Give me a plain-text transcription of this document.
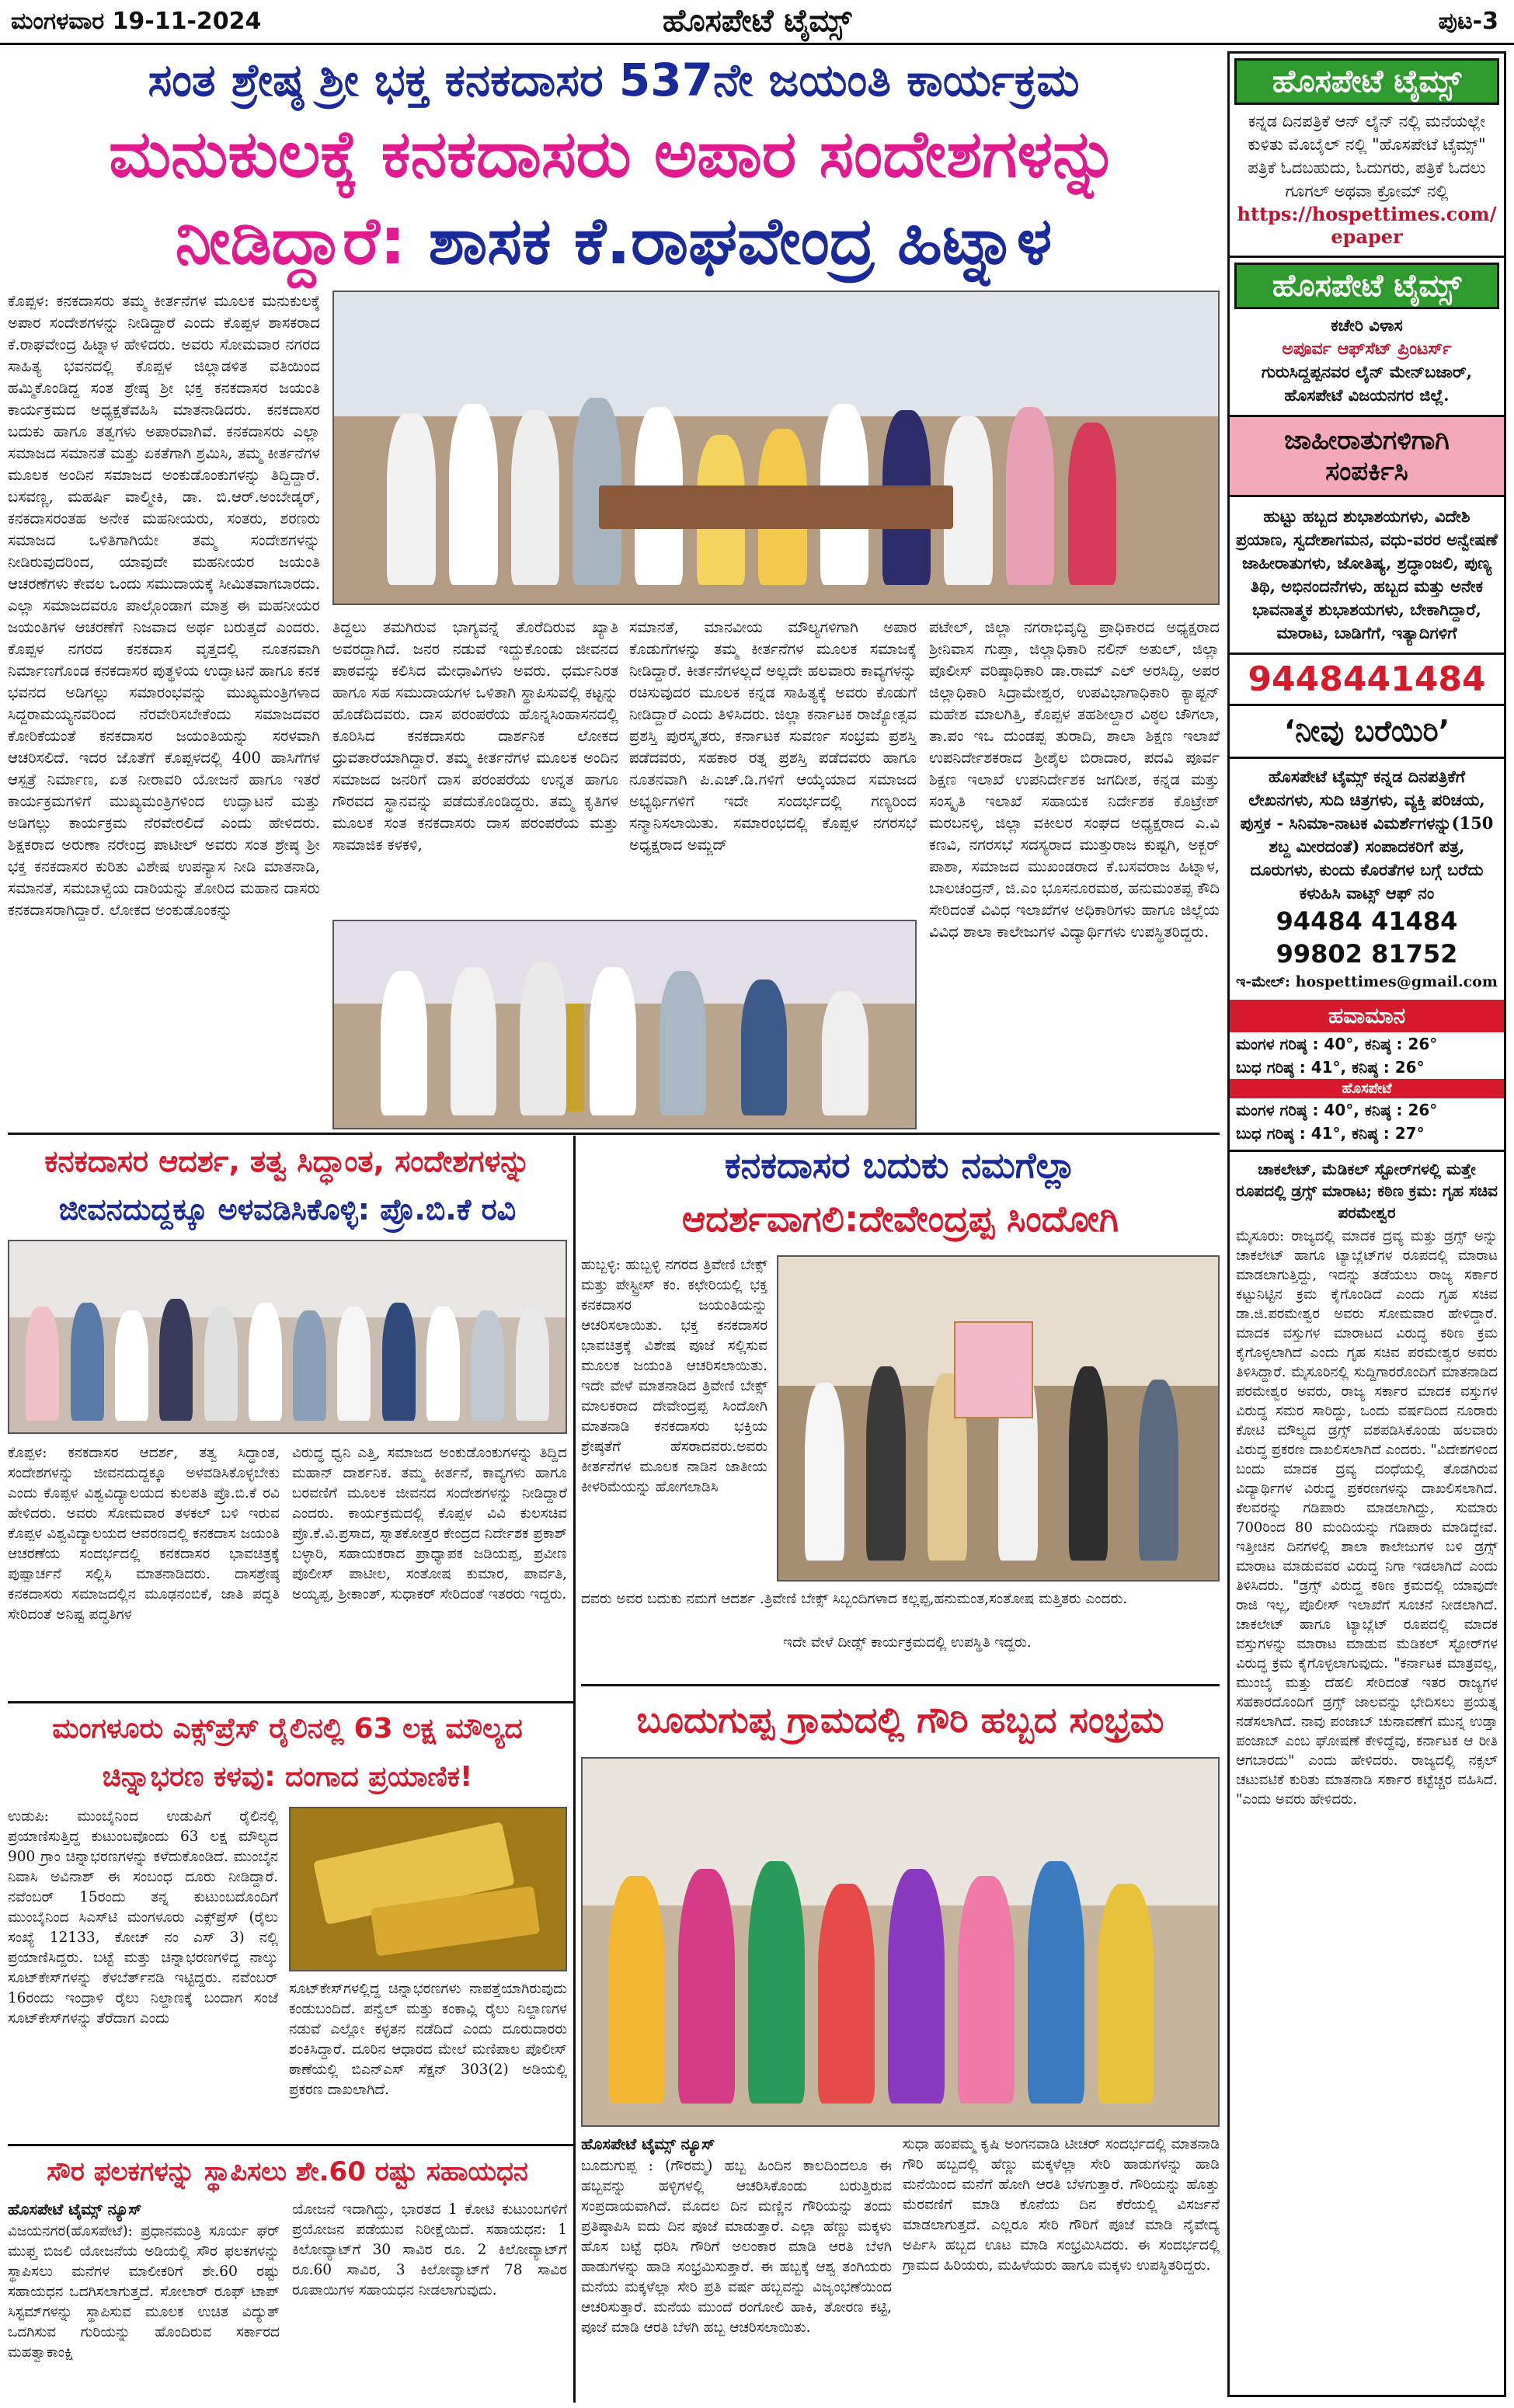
ಮಂಗಳವಾರ 19-11-2024	ಹೊಸಪೇಟೆ ಟೈಮ್ಸ್	ಪುಟ-3
ಸಂತ ಶ್ರೇಷ್ಠ ಶ್ರೀ ಭಕ್ತ ಕನಕದಾಸರ 537ನೇ ಜಯಂತಿ ಕಾರ್ಯಕ್ರಮ
ಮನುಕುಲಕ್ಕೆ ಕನಕದಾಸರು ಅಪಾರ ಸಂದೇಶಗಳನ್ನು
ನೀಡಿದ್ದಾರೆ: ಶಾಸಕ ಕೆ.ರಾಘವೇಂದ್ರ ಹಿಟ್ನಾಳ
ಕೊಪ್ಪಳ: ಕನಕದಾಸರು ತಮ್ಮ ಕೀರ್ತನೆಗಳ ಮೂಲಕ ಮನುಕುಲಕ್ಕೆ ಅಪಾರ ಸಂದೇಶಗಳನ್ನು ನೀಡಿದ್ದಾರೆ ಎಂದು ಕೊಪ್ಪಳ ಶಾಸಕರಾದ ಕೆ.ರಾಘವೇಂದ್ರ ಹಿಟ್ನಾಳ ಹೇಳಿದರು. ಅವರು ಸೋಮವಾರ ನಗರದ ಸಾಹಿತ್ಯ ಭವನದಲ್ಲಿ ಕೊಪ್ಪಳ ಜಿಲ್ಲಾಡಳಿತ ವತಿಯಿಂದ ಹಮ್ಮಿಕೊಂಡಿದ್ದ ಸಂತ ಶ್ರೇಷ್ಠ ಶ್ರೀ ಭಕ್ತ ಕನಕದಾಸರ ಜಯಂತಿ ಕಾರ್ಯಕ್ರಮದ ಅಧ್ಯಕ್ಷತೆವಹಿಸಿ ಮಾತನಾಡಿದರು. ಕನಕದಾಸರ ಬದುಕು ಹಾಗೂ ತತ್ವಗಳು ಅಪಾರವಾಗಿವೆ. ಕನಕದಾಸರು ಎಲ್ಲಾ ಸಮಾಜದ ಸಮಾನತೆ ಮತ್ತು ಏಕತೆಗಾಗಿ ಶ್ರಮಿಸಿ, ತಮ್ಮ ಕೀರ್ತನೆಗಳ ಮೂಲಕ ಅಂದಿನ ಸಮಾಜದ ಅಂಕುಡೊಂಕುಗಳನ್ನು ತಿದ್ದಿದ್ದಾರೆ. ಬಸವಣ್ಣ, ಮಹರ್ಷಿ ವಾಲ್ಮೀಕಿ, ಡಾ. ಬಿ.ಆರ್.ಅಂಬೇಡ್ಕರ್, ಕನಕದಾಸರಂತಹ ಅನೇಕ ಮಹನೀಯರು, ಸಂತರು, ಶರಣರು ಸಮಾಜದ ಒಳಿತಿಗಾಗಿಯೇ ತಮ್ಮ ಸಂದೇಶಗಳನ್ನು ನೀಡಿರುವುದರಿಂದ, ಯಾವುದೇ ಮಹನೀಯರ ಜಯಂತಿ ಆಚರಣೆಗಳು ಕೇವಲ ಒಂದು ಸಮುದಾಯಕ್ಕೆ ಸೀಮಿತವಾಗಬಾರದು. ಎಲ್ಲಾ ಸಮಾಜದವರೂ ಪಾಲ್ಗೊಂಡಾಗ ಮಾತ್ರ ಈ ಮಹನೀಯರ ಜಯಂತಿಗಳ ಆಚರಣೆಗೆ ನಿಜವಾದ ಅರ್ಥ ಬರುತ್ತದೆ ಎಂದರು. ಕೊಪ್ಪಳ ನಗರದ ಕನಕದಾಸ ವೃತ್ತದಲ್ಲಿ ನೂತನವಾಗಿ ನಿರ್ಮಾಣಗೊಂಡ ಕನಕದಾಸರ ಪುತ್ಥಳಿಯ ಉದ್ಘಾಟನೆ ಹಾಗೂ ಕನಕ ಭವನದ ಅಡಿಗಲ್ಲು ಸಮಾರಂಭವನ್ನು ಮುಖ್ಯಮಂತ್ರಿಗಳಾದ ಸಿದ್ದರಾಮಯ್ಯನವರಿಂದ ನೆರವೇರಿಸಬೇಕೆಂದು ಸಮಾಜದವರ ಕೋರಿಕೆಯಂತೆ ಕನಕದಾಸರ ಜಯಂತಿಯನ್ನು ಸರಳವಾಗಿ ಆಚರಿಸಲಿದೆ. ಇದರ ಜೊತೆಗೆ ಕೊಪ್ಪಳದಲ್ಲಿ 400 ಹಾಸಿಗೆಗಳ ಆಸ್ಪತ್ರೆ ನಿರ್ಮಾಣ, ಏತ ನೀರಾವರಿ ಯೋಜನೆ ಹಾಗೂ ಇತರೆ ಕಾರ್ಯಕ್ರಮಗಳಿಗೆ ಮುಖ್ಯಮಂತ್ರಿಗಳಿಂದ ಉದ್ಘಾಟನೆ ಮತ್ತು ಅಡಿಗಲ್ಲು ಕಾರ್ಯಕ್ರಮ ನೆರವೇರಲಿದೆ ಎಂದು ಹೇಳಿದರು. ಶಿಕ್ಷಕರಾದ ಅರುಣಾ ನರೇಂದ್ರ ಪಾಟೀಲ್ ಅವರು ಸಂತ ಶ್ರೇಷ್ಠ ಶ್ರೀ ಭಕ್ತ ಕನಕದಾಸರ ಕುರಿತು ವಿಶೇಷ ಉಪನ್ಯಾಸ ನೀಡಿ ಮಾತನಾಡಿ, ಸಮಾನತೆ, ಸಮಬಾಳ್ವೆಯ ದಾರಿಯನ್ನು ತೋರಿದ ಮಹಾನ ದಾಸರು ಕನಕದಾಸರಾಗಿದ್ದಾರೆ. ಲೋಕದ ಅಂಕುಡೊಂಕನ್ನು
ತಿದ್ದಲು ತಮಗಿರುವ ಭಾಗ್ಯವನ್ನೆ ತೊರೆದಿರುವ ಖ್ಯಾತಿ ಅವರದ್ದಾಗಿದೆ. ಜನರ ನಡುವೆ ಇದ್ದುಕೊಂಡು ಜೀವನದ ಪಾಠವನ್ನು ಕಲಿಸಿದ ಮೇಧಾವಿಗಳು ಅವರು. ಧರ್ಮನಿರತ ಹಾಗೂ ಸಹ ಸಮುದಾಯಗಳ ಒಳಿತಾಗಿ ಸ್ಥಾಪಿಸುವಲ್ಲಿ ಕಟ್ಟನ್ನು ಹೊಡೆದಿದವರು. ದಾಸ ಪರಂಪರೆಯ ಹೊನ್ನಸಿಂಹಾಸನದಲ್ಲಿ ಕೂರಿಸಿದ ಕನಕದಾಸರು ದಾರ್ಶನಿಕ ಲೋಕದ ಧ್ರುವತಾರೆಯಾಗಿದ್ದಾರೆ. ತಮ್ಮ ಕೀರ್ತನೆಗಳ ಮೂಲಕ ಅಂದಿನ ಸಮಾಜದ ಜನರಿಗೆ ದಾಸ ಪರಂಪರೆಯ ಉನ್ನತ ಹಾಗೂ ಗೌರವದ ಸ್ಥಾನವನ್ನು ಪಡೆದುಕೊಂಡಿದ್ದರು. ತಮ್ಮ ಕೃತಿಗಳ ಮೂಲಕ ಸಂತ ಕನಕದಾಸರು ದಾಸ ಪರಂಪರೆಯ ಮತ್ತು ಸಾಮಾಜಿಕ ಕಳಕಳಿ,
ಸಮಾನತೆ, ಮಾನವೀಯ ಮೌಲ್ಯಗಳಿಗಾಗಿ ಅಪಾರ ಕೊಡುಗೆಗಳನ್ನು ತಮ್ಮ ಕೀರ್ತನೆಗಳ ಮೂಲಕ ಸಮಾಜಕ್ಕೆ ನೀಡಿದ್ದಾರೆ. ಕೀರ್ತನೆಗಳಲ್ಲದೆ ಅಲ್ಲದೇ ಹಲವಾರು ಕಾವ್ಯಗಳನ್ನು ರಚಿಸುವುದರ ಮೂಲಕ ಕನ್ನಡ ಸಾಹಿತ್ಯಕ್ಕೆ ಅವರು ಕೊಡುಗೆ ನೀಡಿದ್ದಾರೆ ಎಂದು ತಿಳಿಸಿದರು. ಜಿಲ್ಲಾ ಕರ್ನಾಟಕ ರಾಜ್ಯೋತ್ಸವ ಪ್ರಶಸ್ತಿ ಪುರಸ್ಕೃತರು, ಕರ್ನಾಟಕ ಸುವರ್ಣ ಸಂಭ್ರಮ ಪ್ರಶಸ್ತಿ ಪಡೆದವರು, ಸಹಕಾರ ರತ್ನ ಪ್ರಶಸ್ತಿ ಪಡೆದವರು ಹಾಗೂ ನೂತನವಾಗಿ ಪಿ.ಎಚ್.ಡಿ.ಗಳಿಗೆ ಆಯ್ಕೆಯಾದ ಸಮಾಜದ ಅಭ್ಯರ್ಥಿಗಳಿಗೆ ಇದೇ ಸಂದರ್ಭದಲ್ಲಿ ಗಣ್ಯರಿಂದ ಸನ್ಮಾನಿಸಲಾಯಿತು. ಸಮಾರಂಭದಲ್ಲಿ ಕೊಪ್ಪಳ ನಗರಸಭೆ ಅಧ್ಯಕ್ಷರಾದ ಅಮ್ಜದ್
ಪಟೇಲ್, ಜಿಲ್ಲಾ ನಗರಾಭಿವೃದ್ಧಿ ಪ್ರಾಧಿಕಾರದ ಅಧ್ಯಕ್ಷರಾದ ಶ್ರೀನಿವಾಸ ಗುಪ್ತಾ, ಜಿಲ್ಲಾಧಿಕಾರಿ ನಲಿನ್ ಅತುಲ್, ಜಿಲ್ಲಾ ಪೊಲೀಸ್ ವರಿಷ್ಠಾಧಿಕಾರಿ ಡಾ.ರಾಮ್ ಎಲ್ ಅರಸಿದ್ದಿ, ಅಪರ ಜಿಲ್ಲಾಧಿಕಾರಿ ಸಿದ್ರಾಮೇಶ್ವರ, ಉಪವಿಭಾಗಾಧಿಕಾರಿ ಕ್ಯಾಪ್ಟನ್ ಮಹೇಶ ಮಾಲಗಿತ್ತಿ, ಕೊಪ್ಪಳ ತಹಶೀಲ್ದಾರ ವಿಠ್ಠಲ ಚೌಗಲಾ, ತಾ.ಪಂ ಇಒ ದುಂಡಪ್ಪ ತುರಾದಿ, ಶಾಲಾ ಶಿಕ್ಷಣ ಇಲಾಖೆ ಉಪನಿರ್ದೇಶಕರಾದ ಶ್ರೀಶೈಲ ಬಿರಾದಾರ, ಪದವಿ ಪೂರ್ವ ಶಿಕ್ಷಣ ಇಲಾಖೆ ಉಪನಿರ್ದೇಶಕ ಜಗದೀಶ, ಕನ್ನಡ ಮತ್ತು ಸಂಸ್ಕೃತಿ ಇಲಾಖೆ ಸಹಾಯಕ ನಿರ್ದೇಶಕ ಕೊಟ್ರೇಶ್ ಮರಬನಳ್ಳಿ, ಜಿಲ್ಲಾ ವಕೀಲರ ಸಂಘದ ಅಧ್ಯಕ್ಷರಾದ ಎ.ವಿ ಕಣವಿ, ನಗರಸಭೆ ಸದಸ್ಯರಾದ ಮುತ್ತುರಾಜ ಕುಷ್ಟಗಿ, ಅಕ್ಬರ್ ಪಾಶಾ, ಸಮಾಜದ ಮುಖಂಡರಾದ ಕೆ.ಬಸವರಾಜ ಹಿಟ್ನಾಳ, ಬಾಲಚಂದ್ರನ್, ಜಿ.ಎಂ ಭೂಸನೂರಮಠ, ಹನುಮಂತಪ್ಪ ಕೌದಿ ಸೇರಿದಂತೆ ವಿವಿಧ ಇಲಾಖೆಗಳ ಅಧಿಕಾರಿಗಳು ಹಾಗೂ ಜಿಲ್ಲೆಯ ವಿವಿಧ ಶಾಲಾ ಕಾಲೇಜುಗಳ ವಿದ್ಯಾರ್ಥಿಗಳು ಉಪಸ್ಥಿತರಿದ್ದರು.
ಕನಕದಾಸರ ಆದರ್ಶ, ತತ್ವ ಸಿದ್ಧಾಂತ, ಸಂದೇಶಗಳನ್ನು
ಜೀವನದುದ್ದಕ್ಕೂ ಅಳವಡಿಸಿಕೊಳ್ಳಿ: ಪ್ರೊ.ಬಿ.ಕೆ ರವಿ
ಕೊಪ್ಪಳ: ಕನಕದಾಸರ ಆದರ್ಶ, ತತ್ವ ಸಿದ್ಧಾಂತ, ಸಂದೇಶಗಳನ್ನು ಜೀವನದುದ್ದಕ್ಕೂ ಅಳವಡಿಸಿಕೊಳ್ಳಬೇಕು ಎಂದು ಕೊಪ್ಪಳ ವಿಶ್ವವಿದ್ಯಾಲಯದ ಕುಲಪತಿ ಪ್ರೊ.ಬಿ.ಕೆ ರವಿ ಹೇಳಿದರು. ಅವರು ಸೋಮವಾರ ತಳಕಲ್ ಬಳಿ ಇರುವ ಕೊಪ್ಪಳ ವಿಶ್ವವಿದ್ಯಾಲಯದ ಆವರಣದಲ್ಲಿ ಕನಕದಾಸ ಜಯಂತಿ ಆಚರಣೆಯ ಸಂದರ್ಭದಲ್ಲಿ ಕನಕದಾಸರ ಭಾವಚಿತ್ರಕ್ಕೆ ಪುಷ್ಪಾರ್ಚನೆ ಸಲ್ಲಿಸಿ ಮಾತನಾಡಿದರು. ದಾಸಶ್ರೇಷ್ಠ ಕನಕದಾಸರು ಸಮಾಜದಲ್ಲಿನ ಮೂಢನಂಬಿಕೆ, ಜಾತಿ ಪದ್ಧತಿ ಸೇರಿದಂತೆ ಅನಿಷ್ಟ ಪದ್ಧತಿಗಳ
ವಿರುದ್ಧ ಧ್ವನಿ ಎತ್ತಿ, ಸಮಾಜದ ಅಂಕುಡೊಂಕುಗಳನ್ನು ತಿದ್ದಿದ ಮಹಾನ್ ದಾರ್ಶನಿಕ. ತಮ್ಮ ಕೀರ್ತನೆ, ಕಾವ್ಯಗಳು ಹಾಗೂ ಬರವಣಿಗೆ ಮೂಲಕ ಜೀವನದ ಸಂದೇಶಗಳನ್ನು ನೀಡಿದ್ದಾರೆ ಎಂದರು. ಕಾರ್ಯಕ್ರಮದಲ್ಲಿ ಕೊಪ್ಪಳ ವಿವಿ ಕುಲಸಚಿವ ಪ್ರೊ.ಕೆ.ವಿ.ಪ್ರಸಾದ, ಸ್ನಾತಕೋತ್ತರ ಕೇಂದ್ರದ ನಿರ್ದೇಶಕ ಪ್ರಕಾಶ್ ಬಳ್ಳಾರಿ, ಸಹಾಯಕರಾದ ಪ್ರಾಧ್ಯಾಪಕ ಜಡಿಯಪ್ಪ, ಪ್ರವೀಣ ಪೊಲೀಸ್ ಪಾಟೀಲ, ಸಂತೋಷ ಕುಮಾರ, ಪಾರ್ವತಿ, ಅಯ್ಯಪ್ಪ, ಶ್ರೀಕಾಂತ್, ಸುಧಾಕರ್ ಸೇರಿದಂತೆ ಇತರರು ಇದ್ದರು.
ಕನಕದಾಸರ ಬದುಕು ನಮಗೆಲ್ಲಾ
ಆದರ್ಶವಾಗಲಿ:ದೇವೇಂದ್ರಪ್ಪ ಸಿಂದೋಗಿ
ಹುಬ್ಬಳ್ಳಿ: ಹುಬ್ಬಳ್ಳಿ ನಗರದ ತ್ರಿವೇಣಿ ಬೇಕ್ಸ್ ಮತ್ತು ಪೇಸ್ಟ್ರೀಸ್ ಕಂ. ಕಛೇರಿಯಲ್ಲಿ ಭಕ್ತ ಕನಕದಾಸರ ಜಯಂತಿಯನ್ನು ಆಚರಿಸಲಾಯಿತು. ಭಕ್ತ ಕನಕದಾಸರ ಭಾವಚಿತ್ರಕ್ಕೆ ವಿಶೇಷ ಪೂಜೆ ಸಲ್ಲಿಸುವ ಮೂಲಕ ಜಯಂತಿ ಆಚರಿಸಲಾಯಿತು. ಇದೇ ವೇಳೆ ಮಾತನಾಡಿದ ತ್ರಿವೇಣಿ ಬೇಕ್ಸ್ ಮಾಲಕರಾದ ದೇವೇಂದ್ರಪ್ಪ ಸಿಂದೋಗಿ ಮಾತನಾಡಿ ಕನಕದಾಸರು ಭಕ್ತಿಯ ಶ್ರೇಷ್ಠತೆಗೆ ಹೆಸರಾದವರು.ಅವರು ಕೀರ್ತನೆಗಳ ಮೂಲಕ ನಾಡಿನ ಜಾತೀಯ ಕೀಳರಿಮೆಯನ್ನು ಹೋಗಲಾಡಿಸಿ
ದವರು ಅವರ ಬದುಕು ನಮಗೆ ಆದರ್ಶ .ತ್ರಿವೇಣಿ ಬೇಕ್ಸ್ ಸಿಬ್ಬಂದಿಗಳಾದ ಕಲ್ಲಪ್ಪ,ಹನುಮಂತ,ಸಂತೋಷ ಮತ್ತಿತರು ಎಂದರು.
ಇದೇ ವೇಳೆ ದೀಡ್ಸ್ ಕಾರ್ಯಕ್ರಮದಲ್ಲಿ ಉಪಸ್ಥಿತಿ ಇದ್ದರು.
ಮಂಗಳೂರು ಎಕ್ಸ್‌ಪ್ರೆಸ್ ರೈಲಿನಲ್ಲಿ 63 ಲಕ್ಷ ಮೌಲ್ಯದ
ಚಿನ್ನಾಭರಣ ಕಳವು: ದಂಗಾದ ಪ್ರಯಾಣಿಕ!
ಉಡುಪಿ: ಮುಂಬೈನಿಂದ ಉಡುಪಿಗೆ ರೈಲಿನಲ್ಲಿ ಪ್ರಯಾಣಿಸುತ್ತಿದ್ದ ಕುಟುಂಬವೊಂದು 63 ಲಕ್ಷ ಮೌಲ್ಯದ 900 ಗ್ರಾಂ ಚಿನ್ನಾಭರಣಗಳನ್ನು ಕಳೆದುಕೊಂಡಿದೆ. ಮುಂಬೈನ ನಿವಾಸಿ ಅವಿನಾಶ್ ಈ ಸಂಬಂಧ ದೂರು ನೀಡಿದ್ದಾರೆ. ನವೆಂಬರ್ 15ರಂದು ತನ್ನ ಕುಟುಂಬದೊಂದಿಗೆ ಮುಂಬೈನಿಂದ ಸಿಎಸ್‌ಟಿ ಮಂಗಳೂರು ಎಕ್ಸ್‌ಪ್ರೆಸ್ (ರೈಲು ಸಂಖ್ಯೆ 12133, ಕೋಚ್ ನಂ ಎಸ್ 3) ನಲ್ಲಿ ಪ್ರಯಾಣಿಸಿದ್ದರು. ಬಟ್ಟೆ ಮತ್ತು ಚಿನ್ನಾಭರಣಗಳಿದ್ದ ನಾಲ್ಕು ಸೂಟ್‌ಕೇಸ್‌ಗಳನ್ನು ಕೆಳಬೆರ್ತ್‌ನಡಿ ಇಟ್ಟಿದ್ದರು. ನವೆಂಬರ್ 16ರಂದು ಇಂದ್ರಾಳಿ ರೈಲು ನಿಲ್ದಾಣಕ್ಕೆ ಬಂದಾಗ ಸಂಜೆ ಸೂಟ್‌ಕೇಸ್‌ಗಳನ್ನು ತೆರೆದಾಗ ಎಂದು
ಸೂಟ್‌ಕೇಸ್‌ಗಳಲ್ಲಿದ್ದ ಚಿನ್ನಾಭರಣಗಳು ನಾಪತ್ತೆಯಾಗಿರುವುದು ಕಂಡುಬಂದಿದೆ. ಪನ್ವೆಲ್ ಮತ್ತು ಕಂಕಾವ್ಲಿ ರೈಲು ನಿಲ್ದಾಣಗಳ ನಡುವೆ ಎಲ್ಲೋ ಕಳ್ಳತನ ನಡೆದಿದೆ ಎಂದು ದೂರುದಾರರು ಶಂಕಿಸಿದ್ದಾರೆ. ದೂರಿನ ಆಧಾರದ ಮೇಲೆ ಮಣಿಪಾಲ ಪೊಲೀಸ್ ಠಾಣೆಯಲ್ಲಿ ಬಿಎನ್‌ಎಸ್ ಸೆಕ್ಷನ್ 303(2) ಅಡಿಯಲ್ಲಿ ಪ್ರಕರಣ ದಾಖಲಾಗಿದೆ.
ಸೌರ ಫಲಕಗಳನ್ನು ಸ್ಥಾಪಿಸಲು ಶೇ.60 ರಷ್ಟು ಸಹಾಯಧನ
ಹೊಸಪೇಟೆ ಟೈಮ್ಸ್ ನ್ಯೂಸ್
ವಿಜಯನಗರ(ಹೊಸಪೇಟೆ): ಪ್ರಧಾನಮಂತ್ರಿ ಸೂರ್ಯ ಘರ್ ಮುಫ್ತ ಬಿಜಲಿ ಯೋಜನೆಯ ಅಡಿಯಲ್ಲಿ ಸೌರ ಫಲಕಗಳನ್ನು ಸ್ಥಾಪಿಸಲು ಮನೆಗಳ ಮಾಲೀಕರಿಗೆ ಶೇ.60 ರಷ್ಟು ಸಹಾಯಧನ ಒದಗಿಸಲಾಗುತ್ತದೆ. ಸೋಲಾರ್ ರೂಫ್ ಟಾಪ್ ಸಿಸ್ಟಮ್‌ಗಳನ್ನು ಸ್ಥಾಪಿಸುವ ಮೂಲಕ ಉಚಿತ ವಿದ್ಯುತ್ ಒದಗಿಸುವ ಗುರಿಯನ್ನು ಹೊಂದಿರುವ ಸರ್ಕಾರದ ಮಹತ್ವಾಕಾಂಕ್ಷಿ
ಯೋಜನೆ ಇದಾಗಿದ್ದು, ಭಾರತದ 1 ಕೋಟಿ ಕುಟುಂಬಗಳಿಗೆ ಪ್ರಯೋಜನ ಪಡೆಯುವ ನಿರೀಕ್ಷೆಯಿದೆ. ಸಹಾಯಧನ: 1 ಕಿಲೋವ್ಯಾಟ್‌ಗೆ 30 ಸಾವಿರ ರೂ. 2 ಕಿಲೋವ್ಯಾಟ್‌ಗೆ ರೂ.60 ಸಾವಿರ, 3 ಕಿಲೋವ್ಯಾಟ್‌ಗೆ 78 ಸಾವಿರ ರೂಪಾಯಿಗಳ ಸಹಾಯಧನ ನೀಡಲಾಗುವುದು.
ಬೂದುಗುಪ್ಪ ಗ್ರಾಮದಲ್ಲಿ ಗೌರಿ ಹಬ್ಬದ ಸಂಭ್ರಮ
ಹೊಸಪೇಟೆ ಟೈಮ್ಸ್ ನ್ಯೂಸ್
ಬೂದುಗುಪ್ಪ : (ಗೌರಮ್ಮ) ಹಬ್ಬ ಹಿಂದಿನ ಕಾಲದಿಂದಲೂ ಈ ಹಬ್ಬವನ್ನು ಹಳ್ಳಿಗಳಲ್ಲಿ ಆಚರಿಸಿಕೊಂಡು ಬರುತ್ತಿರುವ ಸಂಪ್ರದಾಯವಾಗಿದೆ. ಮೊದಲ ದಿನ ಮಣ್ಣಿನ ಗೌರಿಯನ್ನು ತಂದು ಪ್ರತಿಷ್ಠಾಪಿಸಿ ಐದು ದಿನ ಪೂಜೆ ಮಾಡುತ್ತಾರೆ. ಎಲ್ಲಾ ಹೆಣ್ಣು ಮಕ್ಕಳು ಹೊಸ ಬಟ್ಟೆ ಧರಿಸಿ ಗೌರಿಗೆ ಅಲಂಕಾರ ಮಾಡಿ ಆರತಿ ಬೆಳಗಿ ಹಾಡುಗಳನ್ನು ಹಾಡಿ ಸಂಭ್ರಮಿಸುತ್ತಾರೆ. ಈ ಹಬ್ಬಕ್ಕೆ ಆಶ್ವ ತಂಗಿಯರು ಮನೆಯ ಮಕ್ಕಳೆಲ್ಲಾ ಸೇರಿ ಪ್ರತಿ ವರ್ಷ ಹಬ್ಬವನ್ನು ವಿಜೃಂಭಣೆಯಿಂದ ಆಚರಿಸುತ್ತಾರೆ. ಮನೆಯ ಮುಂದೆ ರಂಗೋಲಿ ಹಾಕಿ, ತೋರಣ ಕಟ್ಟಿ, ಪೂಜೆ ಮಾಡಿ ಆರತಿ ಬೆಳಗಿ ಹಬ್ಬ ಆಚರಿಸಲಾಯಿತು.
ಸುಧಾ ಹಂಪಮ್ಮ ಕೃಷಿ ಅಂಗನವಾಡಿ ಟೀಚರ್ ಸಂದರ್ಭದಲ್ಲಿ ಮಾತನಾಡಿ ಗೌರಿ ಹಬ್ಬದಲ್ಲಿ ಹೆಣ್ಣು ಮಕ್ಕಳೆಲ್ಲಾ ಸೇರಿ ಹಾಡುಗಳನ್ನು ಹಾಡಿ ಮನೆಯಿಂದ ಮನೆಗೆ ಹೋಗಿ ಆರತಿ ಬೆಳಗುತ್ತಾರೆ. ಗೌರಿಯನ್ನು ಹೊತ್ತು ಮೆರವಣಿಗೆ ಮಾಡಿ ಕೊನೆಯ ದಿನ ಕೆರೆಯಲ್ಲಿ ವಿಸರ್ಜನೆ ಮಾಡಲಾಗುತ್ತದೆ. ಎಲ್ಲರೂ ಸೇರಿ ಗೌರಿಗೆ ಪೂಜೆ ಮಾಡಿ ನೈವೇದ್ಯ ಅರ್ಪಿಸಿ ಹಬ್ಬದ ಊಟ ಮಾಡಿ ಸಂಭ್ರಮಿಸಿದರು. ಈ ಸಂದರ್ಭದಲ್ಲಿ ಗ್ರಾಮದ ಹಿರಿಯರು, ಮಹಿಳೆಯರು ಹಾಗೂ ಮಕ್ಕಳು ಉಪಸ್ಥಿತರಿದ್ದರು.
ಹೊಸಪೇಟೆ ಟೈಮ್ಸ್
ಕನ್ನಡ ದಿನಪತ್ರಿಕೆ ಆನ್ ಲೈನ್ ನಲ್ಲಿ ಮನೆಯಲ್ಲೇ ಕುಳಿತು ಮೊಬೈಲ್ ನಲ್ಲಿ "ಹೊಸಪೇಟೆ ಟೈಮ್ಸ್" ಪತ್ರಿಕೆ ಓದಬಹುದು, ಓದುಗರು, ಪತ್ರಿಕೆ ಓದಲು ಗೂಗಲ್ ಅಥವಾ ಕ್ರೋಮ್ ನಲ್ಲಿ
https://hospettimes.com/
epaper
ಹೊಸಪೇಟೆ ಟೈಮ್ಸ್
ಕಚೇರಿ ವಿಳಾಸ
ಅಪೂರ್ವ ಆಫ್‌ಸೆಟ್ ಪ್ರಿಂಟರ್ಸ್
ಗುರುಸಿದ್ದಪ್ಪನವರ ಲೈನ್ ಮೇನ್‌ಬಜಾರ್, ಹೊಸಪೇಟೆ ವಿಜಯನಗರ ಜಿಲ್ಲೆ.
ಜಾಹೀರಾತುಗಳಿಗಾಗಿ
ಸಂಪರ್ಕಿಸಿ
ಹುಟ್ಟು ಹಬ್ಬದ ಶುಭಾಶಯಗಳು, ವಿದೇಶಿ ಪ್ರಯಾಣ, ಸ್ವದೇಶಾಗಮನ, ವಧು-ವರರ ಅನ್ವೇಷಣೆ ಜಾಹೀರಾತುಗಳು, ಜೋತಿಷ್ಯ, ಶ್ರದ್ಧಾಂಜಲಿ, ಪುಣ್ಯ ತಿಥಿ, ಅಭಿನಂದನೆಗಳು, ಹಬ್ಬದ ಮತ್ತು ಅನೇಕ ಭಾವನಾತ್ಮಕ ಶುಭಾಶಯಗಳು, ಬೇಕಾಗಿದ್ದಾರೆ, ಮಾರಾಟ, ಬಾಡಿಗೆಗೆ, ಇತ್ಯಾದಿಗಳಿಗೆ
9448441484
‘ನೀವು ಬರೆಯಿರಿ’
ಹೊಸಪೇಟೆ ಟೈಮ್ಸ್ ಕನ್ನಡ ದಿನಪತ್ರಿಕೆಗೆ ಲೇಖನಗಳು, ಸುದಿ ಚಿತ್ರಗಳು, ವ್ಯಕ್ತಿ ಪರಿಚಯ, ಪುಸ್ತಕ - ಸಿನಿಮಾ-ನಾಟಕ ವಿಮರ್ಶೆಗಳನ್ನು(150 ಶಬ್ದ ಮೀರದಂತೆ) ಸಂಪಾದಕರಿಗೆ ಪತ್ರ, ದೂರುಗಳು, ಕುಂದು ಕೊರತೆಗಳ ಬಗ್ಗೆ ಬರೆದು ಕಳುಹಿಸಿ ವಾಟ್ಸ್ ಆಫ್ ನಂ
94484 41484
99802 81752
ಇ-ಮೇಲ್: hospettimes@gmail.com
ಹವಾಮಾನ
ಮಂಗಳ ಗರಿಷ್ಠ : 40°, ಕನಿಷ್ಠ : 26°
ಬುಧ ಗರಿಷ್ಠ : 41°, ಕನಿಷ್ಠ : 26°
ಹೊಸಪೇಟೆ
ಮಂಗಳ ಗರಿಷ್ಠ : 40°, ಕನಿಷ್ಠ : 26°
ಬುಧ ಗರಿಷ್ಠ : 41°, ಕನಿಷ್ಠ : 27°
ಚಾಕಲೇಟ್, ಮೆಡಿಕಲ್ ಸ್ಟೋರ್‌ಗಳಲ್ಲಿ ಮತ್ತೇ ರೂಪದಲ್ಲಿ ಡ್ರಗ್ಸ್ ಮಾರಾಟ; ಕಠಿಣ ಕ್ರಮ: ಗೃಹ ಸಚಿವ ಪರಮೇಶ್ವರ
ಮೈಸೂರು: ರಾಜ್ಯದಲ್ಲಿ ಮಾದಕ ದ್ರವ್ಯ ಮತ್ತು ಡ್ರಗ್ಸ್ ಅನ್ನು ಚಾಕಲೇಟ್ ಹಾಗೂ ಟ್ಯಾಬ್ಲೆಟ್‌ಗಳ ರೂಪದಲ್ಲಿ ಮಾರಾಟ ಮಾಡಲಾಗುತ್ತಿದ್ದು, ಇದನ್ನು ತಡೆಯಲು ರಾಜ್ಯ ಸರ್ಕಾರ ಕಟ್ಟುನಿಟ್ಟಿನ ಕ್ರಮ ಕೈಗೊಂಡಿದೆ ಎಂದು ಗೃಹ ಸಚಿವ ಡಾ.ಜಿ.ಪರಮೇಶ್ವರ ಅವರು ಸೋಮವಾರ ಹೇಳಿದ್ದಾರೆ. ಮಾದಕ ವಸ್ತುಗಳ ಮಾರಾಟದ ವಿರುದ್ಧ ಕಠಿಣ ಕ್ರಮ ಕೈಗೊಳ್ಳಲಾಗಿದೆ ಎಂದು ಗೃಹ ಸಚಿವ ಪರಮೇಶ್ವರ ಅವರು ತಿಳಿಸಿದ್ದಾರೆ. ಮೈಸೂರಿನಲ್ಲಿ ಸುದ್ದಿಗಾರರೊಂದಿಗೆ ಮಾತನಾಡಿದ ಪರಮೇಶ್ವರ ಅವರು, ರಾಜ್ಯ ಸರ್ಕಾರ ಮಾದಕ ವಸ್ತುಗಳ ವಿರುದ್ಧ ಸಮರ ಸಾರಿದ್ದು, ಒಂದು ವರ್ಷದಿಂದ ನೂರಾರು ಕೋಟಿ ಮೌಲ್ಯದ ಡ್ರಗ್ಸ್ ವಶಪಡಿಸಿಕೊಂಡು ಹಲವಾರು ವಿರುದ್ಧ ಪ್ರಕರಣ ದಾಖಲಿಸಲಾಗಿದೆ ಎಂದರು. "ವಿದೇಶಗಳಿಂದ ಬಂದು ಮಾದಕ ದ್ರವ್ಯ ದಂಧೆಯಲ್ಲಿ ತೊಡಗಿರುವ ವಿದ್ಯಾರ್ಥಿಗಳ ವಿರುದ್ಧ ಪ್ರಕರಣಗಳನ್ನು ದಾಖಲಿಸಲಾಗಿದೆ. ಕೆಲವರನ್ನು ಗಡಿಪಾರು ಮಾಡಲಾಗಿದ್ದು, ಸುಮಾರು 700ರಿಂದ 80 ಮಂದಿಯನ್ನು ಗಡಿಪಾರು ಮಾಡಿದ್ದೇವೆ. ಇತ್ತೀಚಿನ ದಿನಗಳಲ್ಲಿ ಶಾಲಾ ಕಾಲೇಜುಗಳ ಬಳಿ ಡ್ರಗ್ಸ್ ಮಾರಾಟ ಮಾಡುವವರ ವಿರುದ್ಧ ನಿಗಾ ಇಡಲಾಗಿದೆ ಎಂದು ತಿಳಿಸಿದರು. "ಡ್ರಗ್ಸ್ ವಿರುದ್ಧ ಕಠಿಣ ಕ್ರಮದಲ್ಲಿ ಯಾವುದೇ ರಾಜಿ ಇಲ್ಲ, ಪೊಲೀಸ್ ಇಲಾಖೆಗೆ ಸೂಚನೆ ನೀಡಲಾಗಿದೆ. ಚಾಕಲೇಟ್ ಹಾಗೂ ಟ್ಯಾಬ್ಲೆಟ್ ರೂಪದಲ್ಲಿ ಮಾದಕ ವಸ್ತುಗಳನ್ನು ಮಾರಾಟ ಮಾಡುವ ಮೆಡಿಕಲ್ ಸ್ಟೋರ್‌ಗಳ ವಿರುದ್ಧ ಕ್ರಮ ಕೈಗೊಳ್ಳಲಾಗುವುದು. "ಕರ್ನಾಟಕ ಮಾತ್ರವಲ್ಲ, ಮುಂಬೈ ಮತ್ತು ದೆಹಲಿ ಸೇರಿದಂತೆ ಇತರ ರಾಜ್ಯಗಳ ಸಹಕಾರದೊಂದಿಗೆ ಡ್ರಗ್ಸ್ ಜಾಲವನ್ನು ಭೇದಿಸಲು ಪ್ರಯತ್ನ ನಡೆಸಲಾಗಿದೆ. ನಾವು ಪಂಜಾಬ್ ಚುನಾವಣೆಗೆ ಮುನ್ನ ಉಡ್ತಾ ಪಂಜಾಬ್ ಎಂಬ ಘೋಷಣೆ ಕೇಳಿದ್ದೆವು, ಕರ್ನಾಟಕ ಆ ರೀತಿ ಆಗಬಾರದು" ಎಂದು ಹೇಳಿದರು. ರಾಜ್ಯದಲ್ಲಿ ನಕ್ಸಲ್ ಚಟುವಟಿಕೆ ಕುರಿತು ಮಾತನಾಡಿ ಸರ್ಕಾರ ಕಟ್ಟೆಚ್ಚರ ವಹಿಸಿದೆ. "ಎಂದು ಅವರು ಹೇಳಿದರು.
